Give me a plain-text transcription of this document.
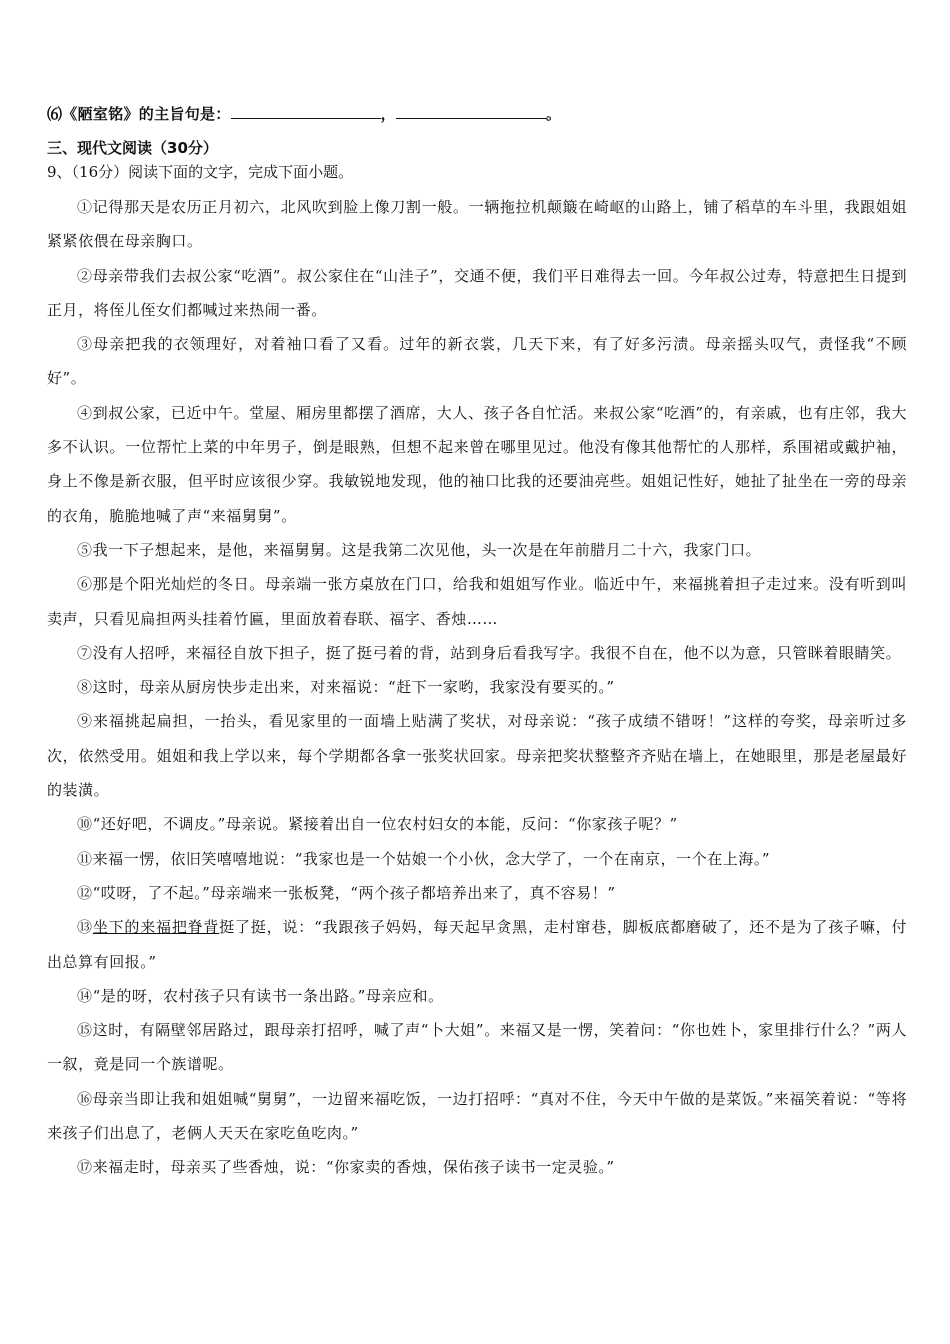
⑹《陋室铭》的主旨句是：	，	。
三、现代文阅读（30分）
9、（16分）阅读下面的文字，完成下面小题。

①记得那天是农历正月初六，北风吹到脸上像刀割一般。一辆拖拉机颠簸在崎岖的山路上，铺了稻草的车斗里，我跟姐姐紧紧依偎在母亲胸口。

②母亲带我们去叔公家“吃酒”。叔公家住在“山洼子”，交通不便，我们平日难得去一回。今年叔公过寿，特意把生日提到正月，将侄儿侄女们都喊过来热闹一番。

③母亲把我的衣领理好，对着袖口看了又看。过年的新衣裳，几天下来，有了好多污渍。母亲摇头叹气，责怪我“不顾好”。

④到叔公家，已近中午。堂屋、厢房里都摆了酒席，大人、孩子各自忙活。来叔公家“吃酒”的，有亲戚，也有庄邻，我大多不认识。一位帮忙上菜的中年男子，倒是眼熟，但想不起来曾在哪里见过。他没有像其他帮忙的人那样，系围裙或戴护袖，身上不像是新衣服，但平时应该很少穿。我敏锐地发现，他的袖口比我的还要油亮些。姐姐记性好，她扯了扯坐在一旁的母亲的衣角，脆脆地喊了声“来福舅舅”。

⑤我一下子想起来，是他，来福舅舅。这是我第二次见他，头一次是在年前腊月二十六，我家门口。

⑥那是个阳光灿烂的冬日。母亲端一张方桌放在门口，给我和姐姐写作业。临近中午，来福挑着担子走过来。没有听到叫卖声，只看见扁担两头挂着竹匾，里面放着春联、福字、香烛……

⑦没有人招呼，来福径自放下担子，挺了挺弓着的背，站到身后看我写字。我很不自在，他不以为意，只管眯着眼睛笑。

⑧这时，母亲从厨房快步走出来，对来福说：“赶下一家哟，我家没有要买的。”

⑨来福挑起扁担，一抬头，看见家里的一面墙上贴满了奖状，对母亲说：“孩子成绩不错呀！”这样的夸奖，母亲听过多次，依然受用。姐姐和我上学以来，每个学期都各拿一张奖状回家。母亲把奖状整整齐齐贴在墙上，在她眼里，那是老屋最好的装潢。

⑩“还好吧，不调皮。”母亲说。紧接着出自一位农村妇女的本能，反问：“你家孩子呢？”

⑪来福一愣，依旧笑嘻嘻地说：“我家也是一个姑娘一个小伙，念大学了，一个在南京，一个在上海。”

⑫“哎呀，了不起。”母亲端来一张板凳，“两个孩子都培养出来了，真不容易！”

⑬坐下的来福把脊背挺了挺，说：“我跟孩子妈妈，每天起早贪黑，走村窜巷，脚板底都磨破了，还不是为了孩子嘛，付出总算有回报。”

⑭“是的呀，农村孩子只有读书一条出路。”母亲应和。

⑮这时，有隔壁邻居路过，跟母亲打招呼，喊了声“卜大姐”。来福又是一愣，笑着问：“你也姓卜，家里排行什么？”两人一叙，竟是同一个族谱呢。

⑯母亲当即让我和姐姐喊“舅舅”，一边留来福吃饭，一边打招呼：“真对不住，今天中午做的是菜饭。”来福笑着说：“等将来孩子们出息了，老俩人天天在家吃鱼吃肉。”

⑰来福走时，母亲买了些香烛，说：“你家卖的香烛，保佑孩子读书一定灵验。”
